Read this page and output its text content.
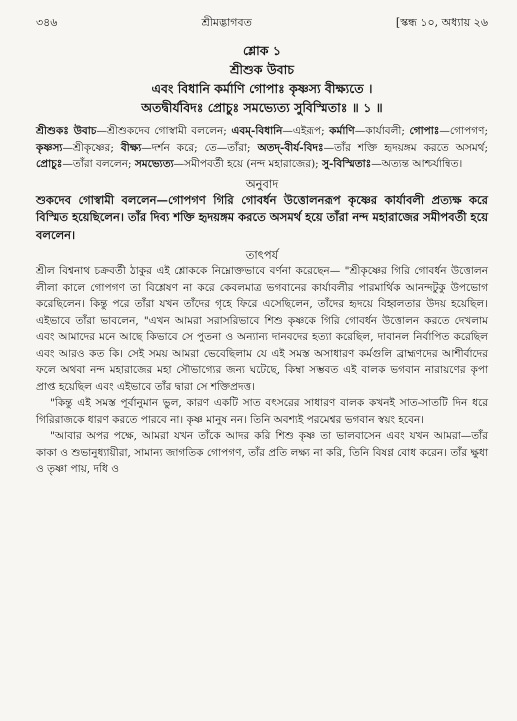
৩৪৬	শ্রীমদ্ভাগবত	[স্কন্ধ ১০, অধ্যায় ২৬
শ্লোক ১
শ্রীশুক উবাচ
এবং বিধানি কর্মাণি গোপাঃ কৃষ্ণস্য বীক্ষ্যতে ।
অতদ্বীর্যবিদঃ প্রোচুঃ সমভ্যেত্য সুবিস্মিতাঃ ॥ ১ ॥
শ্রীশুকঃ উবাচ—শ্রীশুকদেব গোস্বামী বললেন; এবম্-বিধানি—এইরূপ; কর্মাণি—কার্যাবলী; গোপাঃ—গোপগণ; কৃষ্ণস্য—শ্রীকৃষ্ণের; বীক্ষ্য—দর্শন করে; তে—তাঁরা; অতদ্-বীর্য-বিদঃ—তাঁর শক্তি হৃদয়ঙ্গম করতে অসমর্থ; প্রোচুঃ—তাঁরা বললেন; সমভ্যেত্য—সমীপবর্তী হয়ে (নন্দ মহারাজের); সু-বিস্মিতাঃ—অত্যন্ত আশ্চর্যান্বিত।
অনুবাদ
শুকদেব গোস্বামী বললেন—গোপগণ গিরি গোবর্ধন উত্তোলনরূপ কৃষ্ণের কার্যাবলী প্রত্যক্ষ করে বিস্মিত হয়েছিলেন। তাঁর দিব্য শক্তি হৃদয়ঙ্গম করতে অসমর্থ হয়ে তাঁরা নন্দ মহারাজের সমীপবর্তী হয়ে বললেন।
তাৎপর্য

শ্রীল বিশ্বনাথ চক্রবর্তী ঠাকুর এই শ্লোককে নিম্নোক্তভাবে বর্ণনা করেছেন— "শ্রীকৃষ্ণের গিরি গোবর্ধন উত্তোলন লীলা কালে গোপগণ তা বিশ্লেষণ না করে কেবলমাত্র ভগবানের কার্যাবলীর পারমার্থিক আনন্দটুকু উপভোগ করেছিলেন। কিন্তু পরে তাঁরা যখন তাঁদের গৃহে ফিরে এসেছিলেন, তাঁদের হৃদয়ে বিহ্বলতার উদয় হয়েছিল। এইভাবে তাঁরা ভাবলেন, "এখন আমরা সরাসরিভাবে শিশু কৃষ্ণকে গিরি গোবর্ধন উত্তোলন করতে দেখলাম এবং আমাদের মনে আছে কিভাবে সে পুতনা ও অন্যান্য দানবদের হত্যা করেছিল, দাবানল নির্বাপিত করেছিল এবং আরও কত কি। সেই সময় আমরা ভেবেছিলাম যে এই সমস্ত অসাধারণ কর্মগুলি ব্রাহ্মণদের আশীর্বাদের ফলে অথবা নন্দ মহারাজের মহা সৌভাগ্যের জন্য ঘটেছে, কিম্বা সম্ভবত এই বালক ভগবান নারায়ণের কৃপা প্রাপ্ত হয়েছিল এবং এইভাবে তাঁর দ্বারা সে শক্তিপ্রদত্ত।

"কিন্তু এই সমস্ত পূর্বানুমান ভুল, কারণ একটি সাত বৎসরের সাধারণ বালক কখনই সাত-সাতটি দিন ধরে গিরিরাজকে ধারণ করতে পারবে না। কৃষ্ণ মানুষ নন। তিনি অবশ্যই পরমেশ্বর ভগবান স্বয়ং হবেন।

"আবার অপর পক্ষে, আমরা যখন তাঁকে আদর করি শিশু কৃষ্ণ তা ভালবাসেন এবং যখন আমরা—তাঁর কাকা ও শুভানুধ্যায়ীরা, সামান্য জাগতিক গোপগণ, তাঁর প্রতি লক্ষ্য না করি, তিনি বিষণ্ণ বোধ করেন। তাঁর ক্ষুধা ও তৃষ্ণা পায়, দধি ও
